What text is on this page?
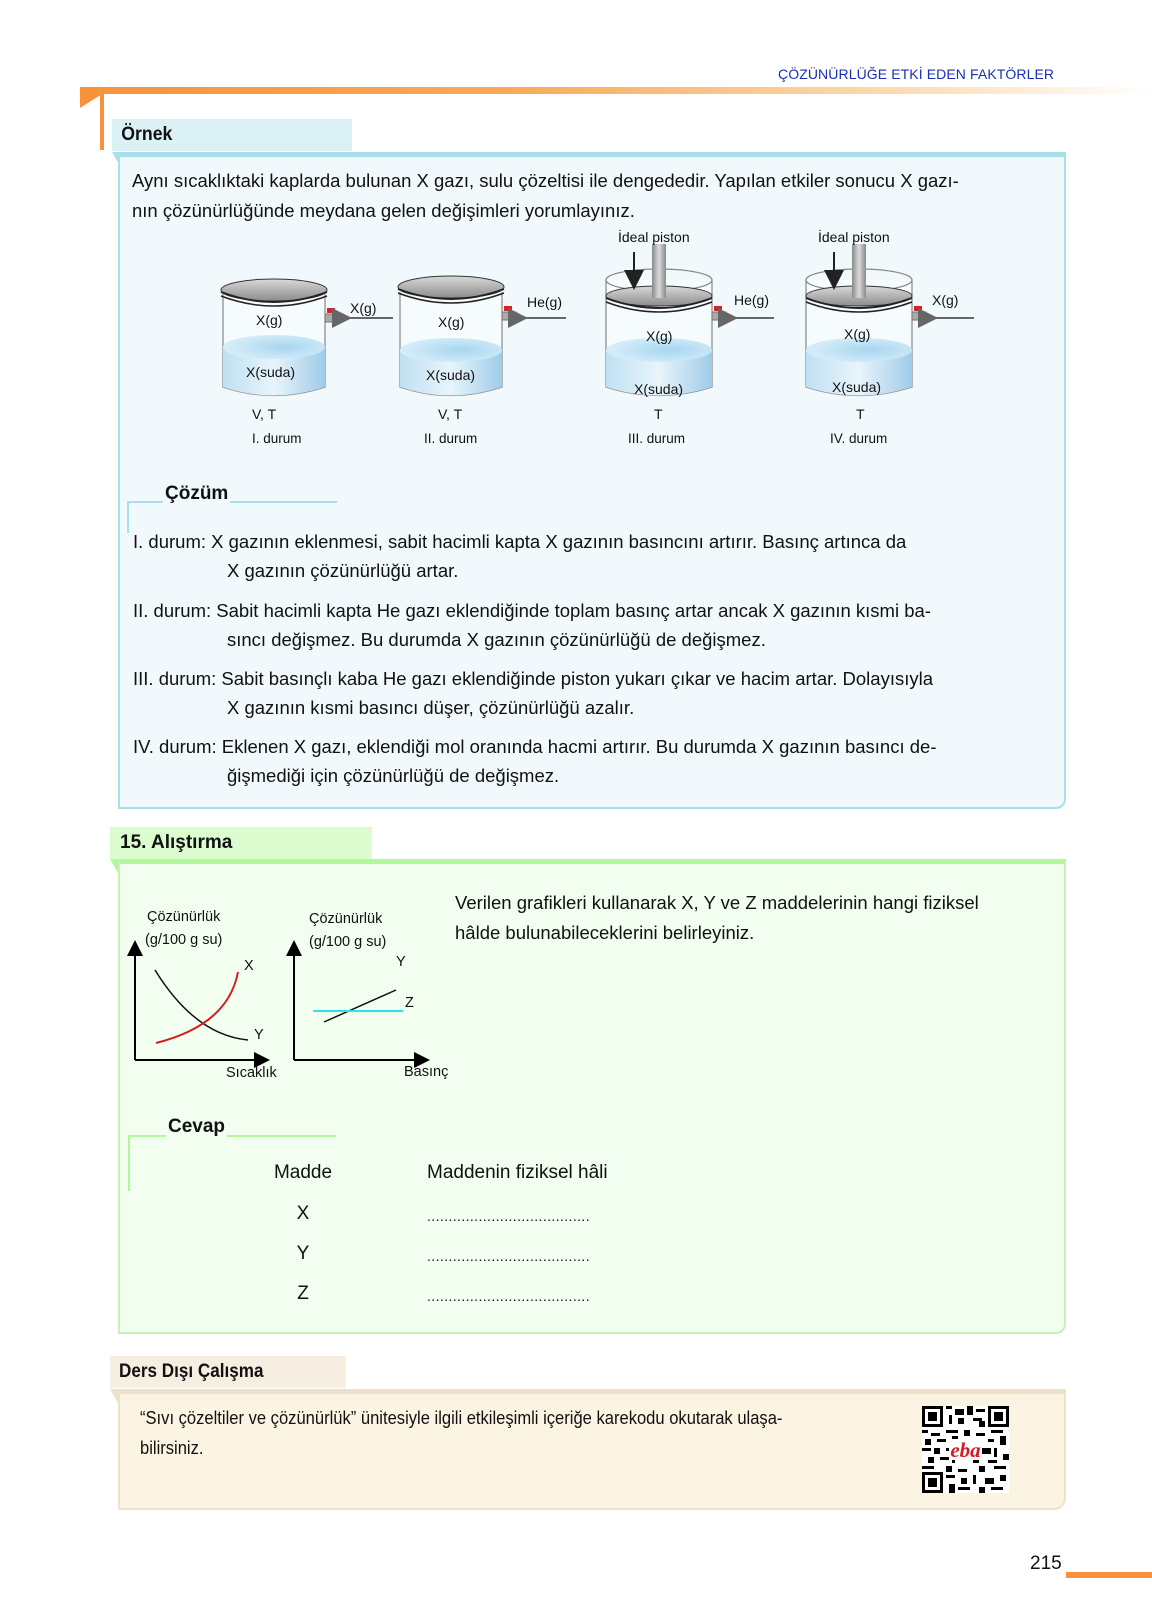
ÇÖZÜNÜRLÜĞE ETKİ EDEN FAKTÖRLER
Örnek
Aynı sıcaklıktaki kaplarda bulunan X gazı, sulu çözeltisi ile dengededir. Yapılan etkiler sonucu X gazı-
nın çözünürlüğünde meydana gelen değişimleri yorumlayınız.
X(g)
X(suda)
X(g)
V, T
I. durum
X(g)
X(suda)
He(g)
V, T
II. durum
İdeal piston
X(g)
X(suda)
He(g)
T
III. durum
İdeal piston
X(g)
X(suda)
X(g)
T
IV. durum
Çözüm
I. durum: X gazının eklenmesi, sabit hacimli kapta X gazının basıncını artırır. Basınç artınca da
X gazının çözünürlüğü artar.
II. durum: Sabit hacimli kapta He gazı eklendiğinde toplam basınç artar ancak X gazının kısmi ba-
sıncı değişmez. Bu durumda X gazının çözünürlüğü de değişmez.
III. durum: Sabit basınçlı kaba He gazı eklendiğinde piston yukarı çıkar ve hacim artar. Dolayısıyla
X gazının kısmi basıncı düşer, çözünürlüğü azalır.
IV. durum: Eklenen X gazı, eklendiği mol oranında hacmi artırır. Bu durumda X gazının basıncı de-
ğişmediği için çözünürlüğü de değişmez.
15. Alıştırma
Verilen grafikleri kullanarak X, Y ve Z maddelerinin hangi fiziksel
hâlde bulunabileceklerini belirleyiniz.
Çözünürlük
(g/100 g su)
X
Y
Sıcaklık
Çözünürlük
(g/100 g su)
Y
Z
Basınç
Cevap
Madde	Maddenin fiziksel hâli
X	......................................
Y	......................................
Z	......................................
Ders Dışı Çalışma
“Sıvı çözeltiler ve çözünürlük” ünitesiyle ilgili etkileşimli içeriğe karekodu okutarak ulaşa-
bilirsiniz.	eba
215
